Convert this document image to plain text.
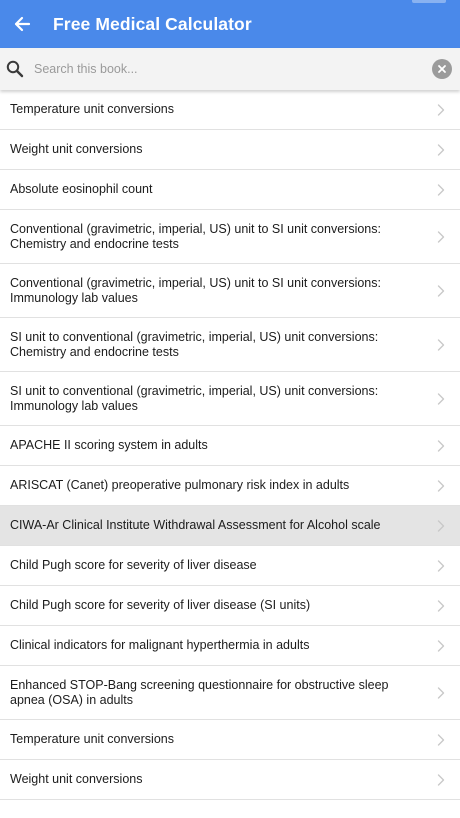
Free Medical Calculator
Search this book...
Temperature unit conversions
Weight unit conversions
Absolute eosinophil count
Conventional (gravimetric, imperial, US) unit to SI unit conversions: Chemistry and endocrine tests
Conventional (gravimetric, imperial, US) unit to SI unit conversions: Immunology lab values
SI unit to conventional (gravimetric, imperial, US) unit conversions: Chemistry and endocrine tests
SI unit to conventional (gravimetric, imperial, US) unit conversions: Immunology lab values
APACHE II scoring system in adults
ARISCAT (Canet) preoperative pulmonary risk index in adults
CIWA-Ar Clinical Institute Withdrawal Assessment for Alcohol scale
Child Pugh score for severity of liver disease
Child Pugh score for severity of liver disease (SI units)
Clinical indicators for malignant hyperthermia in adults
Enhanced STOP-Bang screening questionnaire for obstructive sleep apnea (OSA) in adults
Temperature unit conversions
Weight unit conversions
